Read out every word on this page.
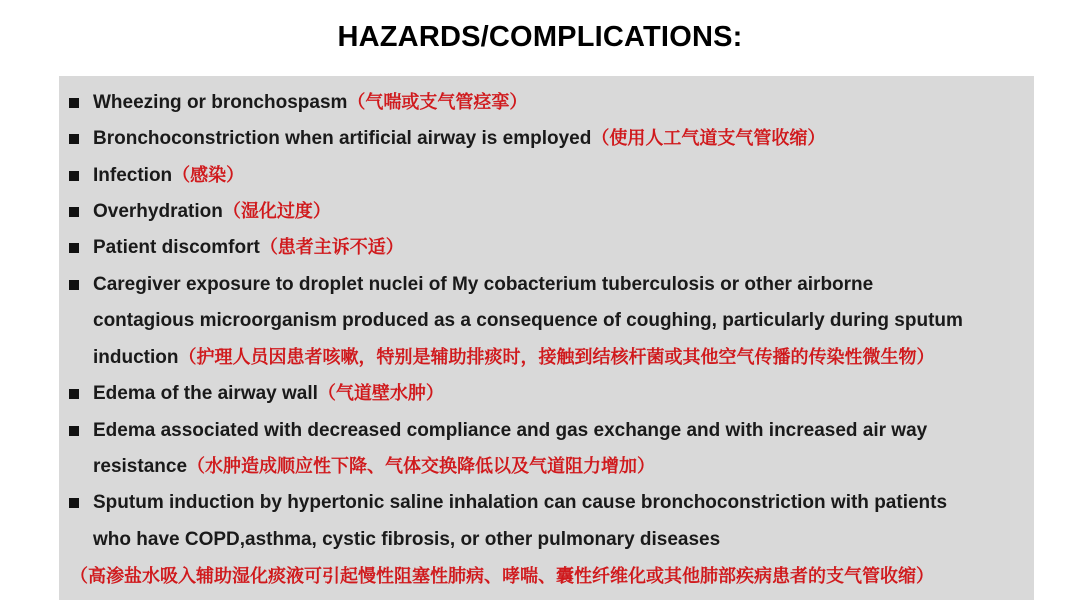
HAZARDS/COMPLICATIONS:
Wheezing or bronchospasm（气喘或支气管痉挛）
Bronchoconstriction when artificial airway is employed（使用人工气道支气管收缩）
Infection（感染）
Overhydration（湿化过度）
Patient discomfort（患者主诉不适）
Caregiver exposure to droplet nuclei of My cobacterium tuberculosis or other airborne
contagious microorganism produced as a consequence of coughing, particularly during sputum
induction（护理人员因患者咳嗽，特别是辅助排痰时，接触到结核杆菌或其他空气传播的传染性微生物）
Edema of the airway wall（气道壁水肿）
Edema associated with decreased compliance and gas exchange and with increased air way
resistance（水肿造成顺应性下降、气体交换降低以及气道阻力增加）
Sputum induction by hypertonic saline inhalation can cause bronchoconstriction with patients
who have COPD,asthma, cystic fibrosis, or other pulmonary diseases
（高渗盐水吸入辅助湿化痰液可引起慢性阻塞性肺病、哮喘、囊性纤维化或其他肺部疾病患者的支气管收缩）
